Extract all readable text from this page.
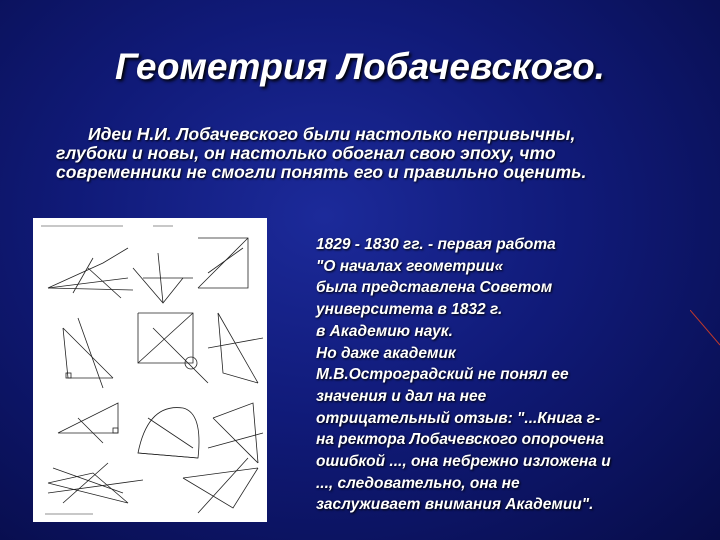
Геометрия Лобачевского.
Идеи Н.И. Лобачевского были настолько непривычны,
глубоки и новы, он настолько обогнал свою эпоху, что
современники не смогли понять его и правильно оценить.
1829 - 1830 гг. - первая работа
"О началах геометрии«
была представлена Советом
университета в 1832 г.
в Академию наук.
Но даже академик
М.В.Остроградский не понял ее
значения и дал на нее
отрицательный отзыв: "...Книга г-
на ректора Лобачевского опорочена
ошибкой ..., она небрежно изложена и
..., следовательно, она не
заслуживает внимания Академии".
